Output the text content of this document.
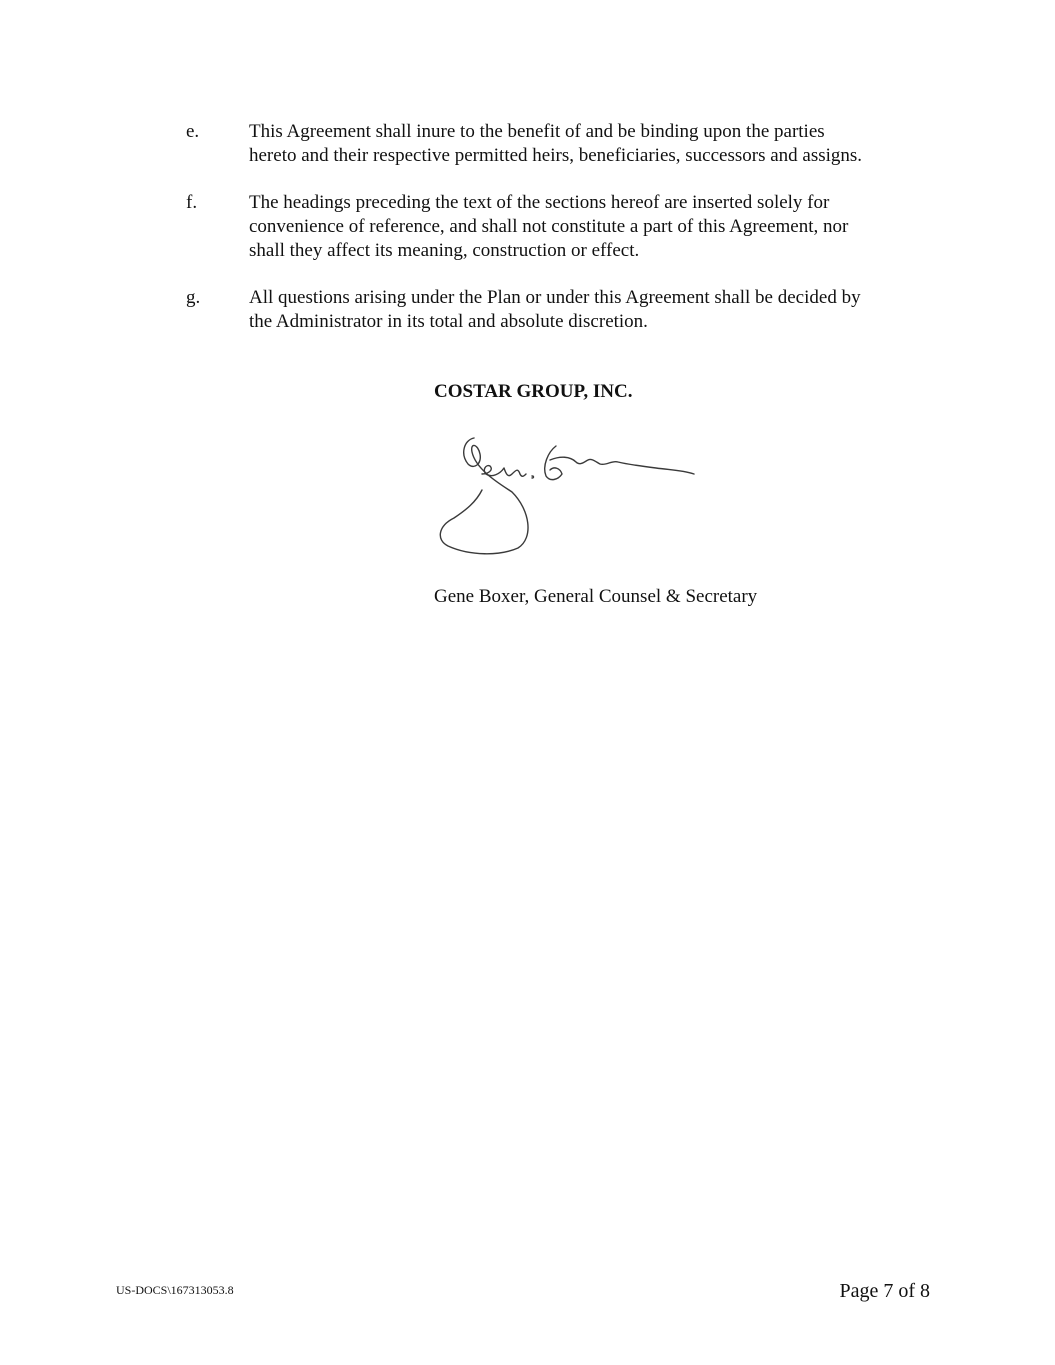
e.	This Agreement shall inure to the benefit of and be binding upon the parties
hereto and their respective permitted heirs, beneficiaries, successors and assigns.
f.	The headings preceding the text of the sections hereof are inserted solely for
convenience of reference, and shall not constitute a part of this Agreement, nor
shall they affect its meaning, construction or effect.
g.	All questions arising under the Plan or under this Agreement shall be decided by
the Administrator in its total and absolute discretion.
COSTAR GROUP, INC.
Gene Boxer, General Counsel & Secretary
US-DOCS\167313053.8	Page 7 of 8
